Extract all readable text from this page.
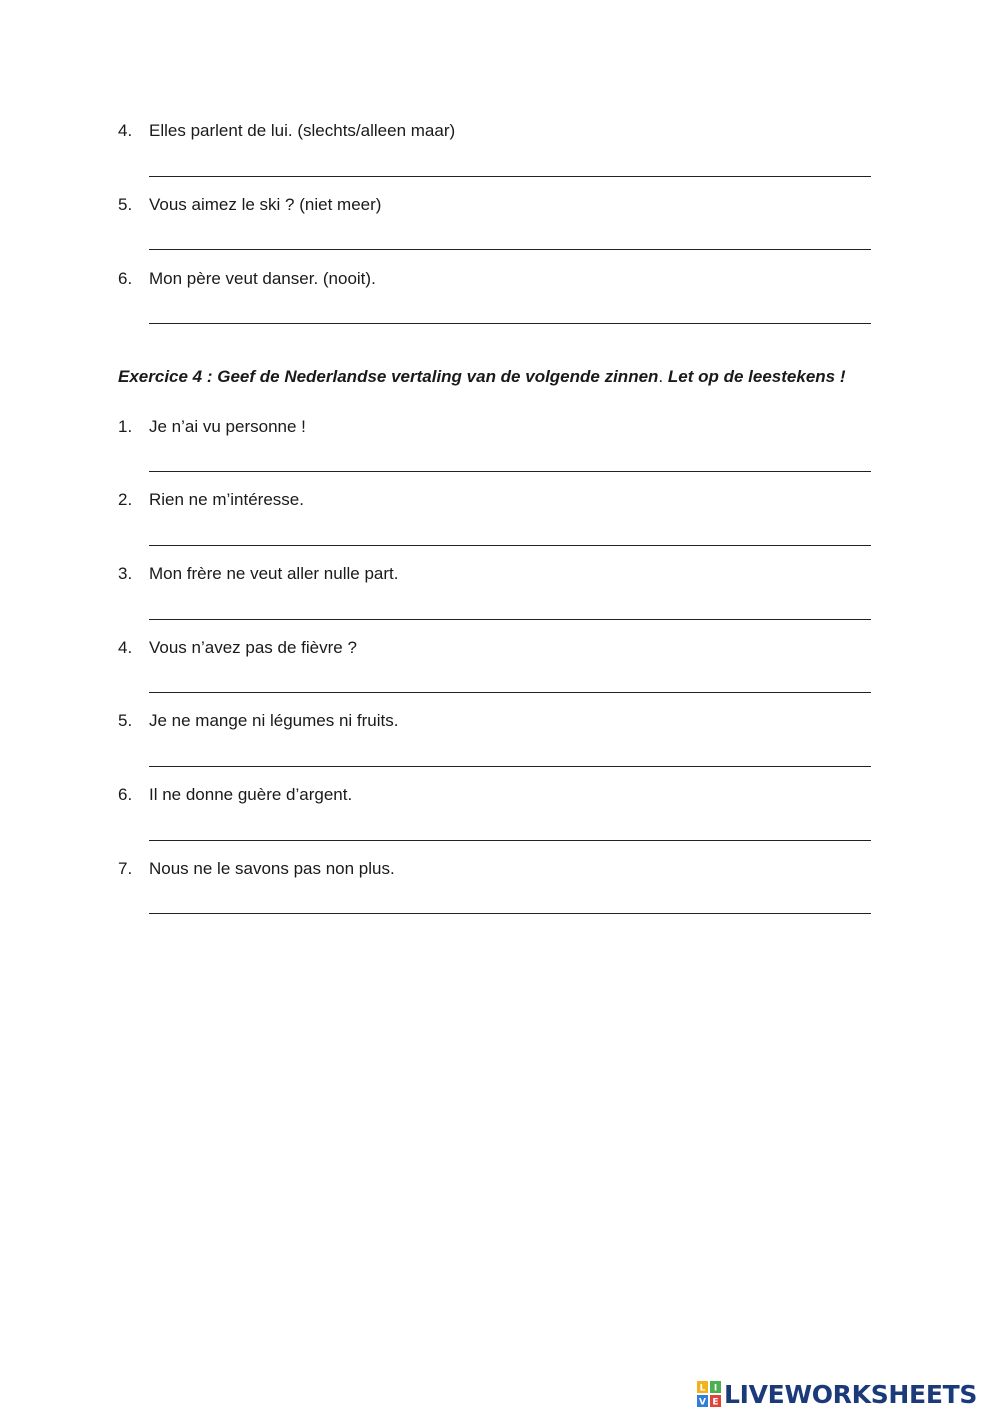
4. Elles parlent de lui. (slechts/alleen maar)
5. Vous aimez le ski ? (niet meer)
6. Mon père veut danser. (nooit).
Exercice 4 : Geef de Nederlandse vertaling van de volgende zinnen. Let op de leestekens !
1. Je n’ai vu personne !
2. Rien ne m’intéresse.
3. Mon frère ne veut aller nulle part.
4. Vous n’avez pas de fièvre ?
5. Je ne mange ni légumes ni fruits.
6. Il ne donne guère d’argent.
7. Nous ne le savons pas non plus.
L I
V E LIVEWORKSHEETS
